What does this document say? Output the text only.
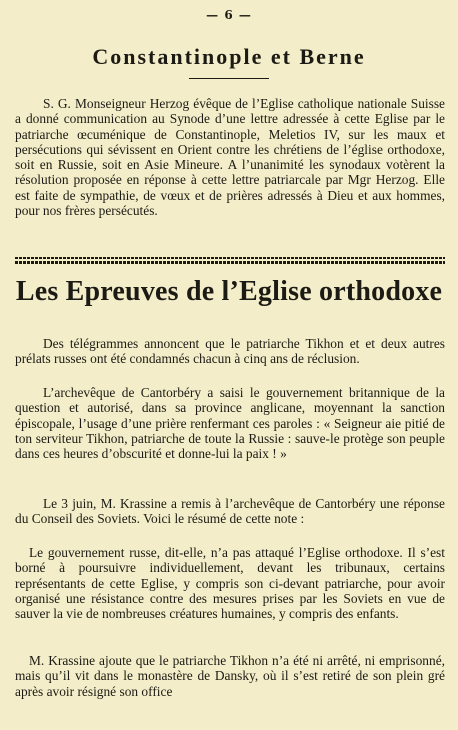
— 6 —
Constantinople et Berne

S. G. Monseigneur Herzog évêque de l’Eglise catholique nationale Suisse a donné communication au Synode d’une lettre adressée à cette Eglise par le patriarche œcuménique de Constantinople, Meletios IV, sur les maux et persécutions qui sévissent en Orient contre les chrétiens de l’église orthodoxe, soit en Russie, soit en Asie Mineure. A l’unanimité les synodaux votèrent la résolution proposée en réponse à cette lettre patriarcale par Mgr Herzog. Elle est faite de sympathie, de vœux et de prières adressés à Dieu et aux hommes, pour nos frères persécutés.

Les Epreuves de l’Eglise orthodoxe

Des télégrammes annoncent que le patriarche Tikhon et et deux autres prélats russes ont été condamnés chacun à cinq ans de réclusion.

L’archevêque de Cantorbéry a saisi le gouvernement britannique de la question et autorisé, dans sa province anglicane, moyennant la sanction épiscopale, l’usage d’une prière renfermant ces paroles : « Seigneur aie pitié de ton serviteur Tikhon, patriarche de toute la Russie : sauve-le protège son peuple dans ces heures d’obscurité et donne-lui la paix ! »

Le 3 juin, M. Krassine a remis à l’archevêque de Cantorbéry une réponse du Conseil des Soviets. Voici le résumé de cette note :

Le gouvernement russe, dit-elle, n’a pas attaqué l’Eglise orthodoxe. Il s’est borné à poursuivre individuellement, devant les tribunaux, certains représentants de cette Eglise, y compris son ci-devant patriarche, pour avoir organisé une résistance contre des mesures prises par les Soviets en vue de sauver la vie de nombreuses créatures humaines, y compris des enfants.

M. Krassine ajoute que le patriarche Tikhon n’a été ni arrêté, ni emprisonné, mais qu’il vit dans le monastère de Dansky, où il s’est retiré de son plein gré après avoir résigné son office
